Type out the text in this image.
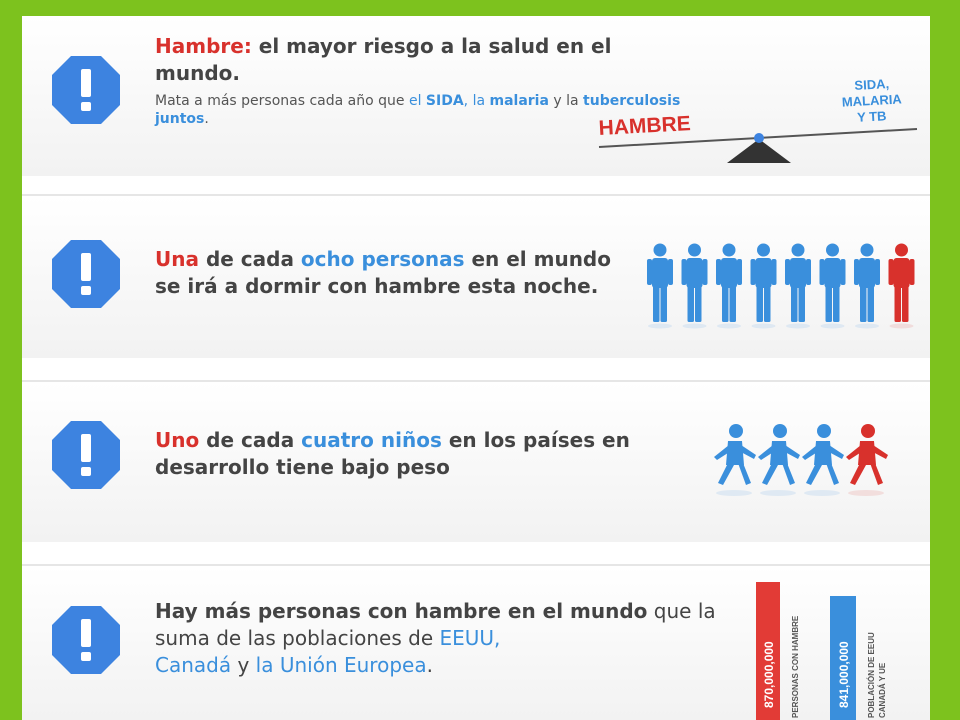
Hambre: el mayor riesgo a la salud en el mundo.
Mata a más personas cada año que el SIDA, la malaria y la tuberculosis juntos.	HAMBRE
SIDA,
MALARIA
Y TB
Una de cada ocho personas en el mundo se irá a dormir con hambre esta noche.
Uno de cada cuatro niños en los países en desarrollo tiene bajo peso
Hay más personas con hambre en el mundo que la suma de las poblaciones de EEUU,
Canadá y la Unión Europea.	870,000,000 PERSONAS CON HAMBRE	841,000,000 POBLACIÓN DE EEUU CANADÁ Y UE
